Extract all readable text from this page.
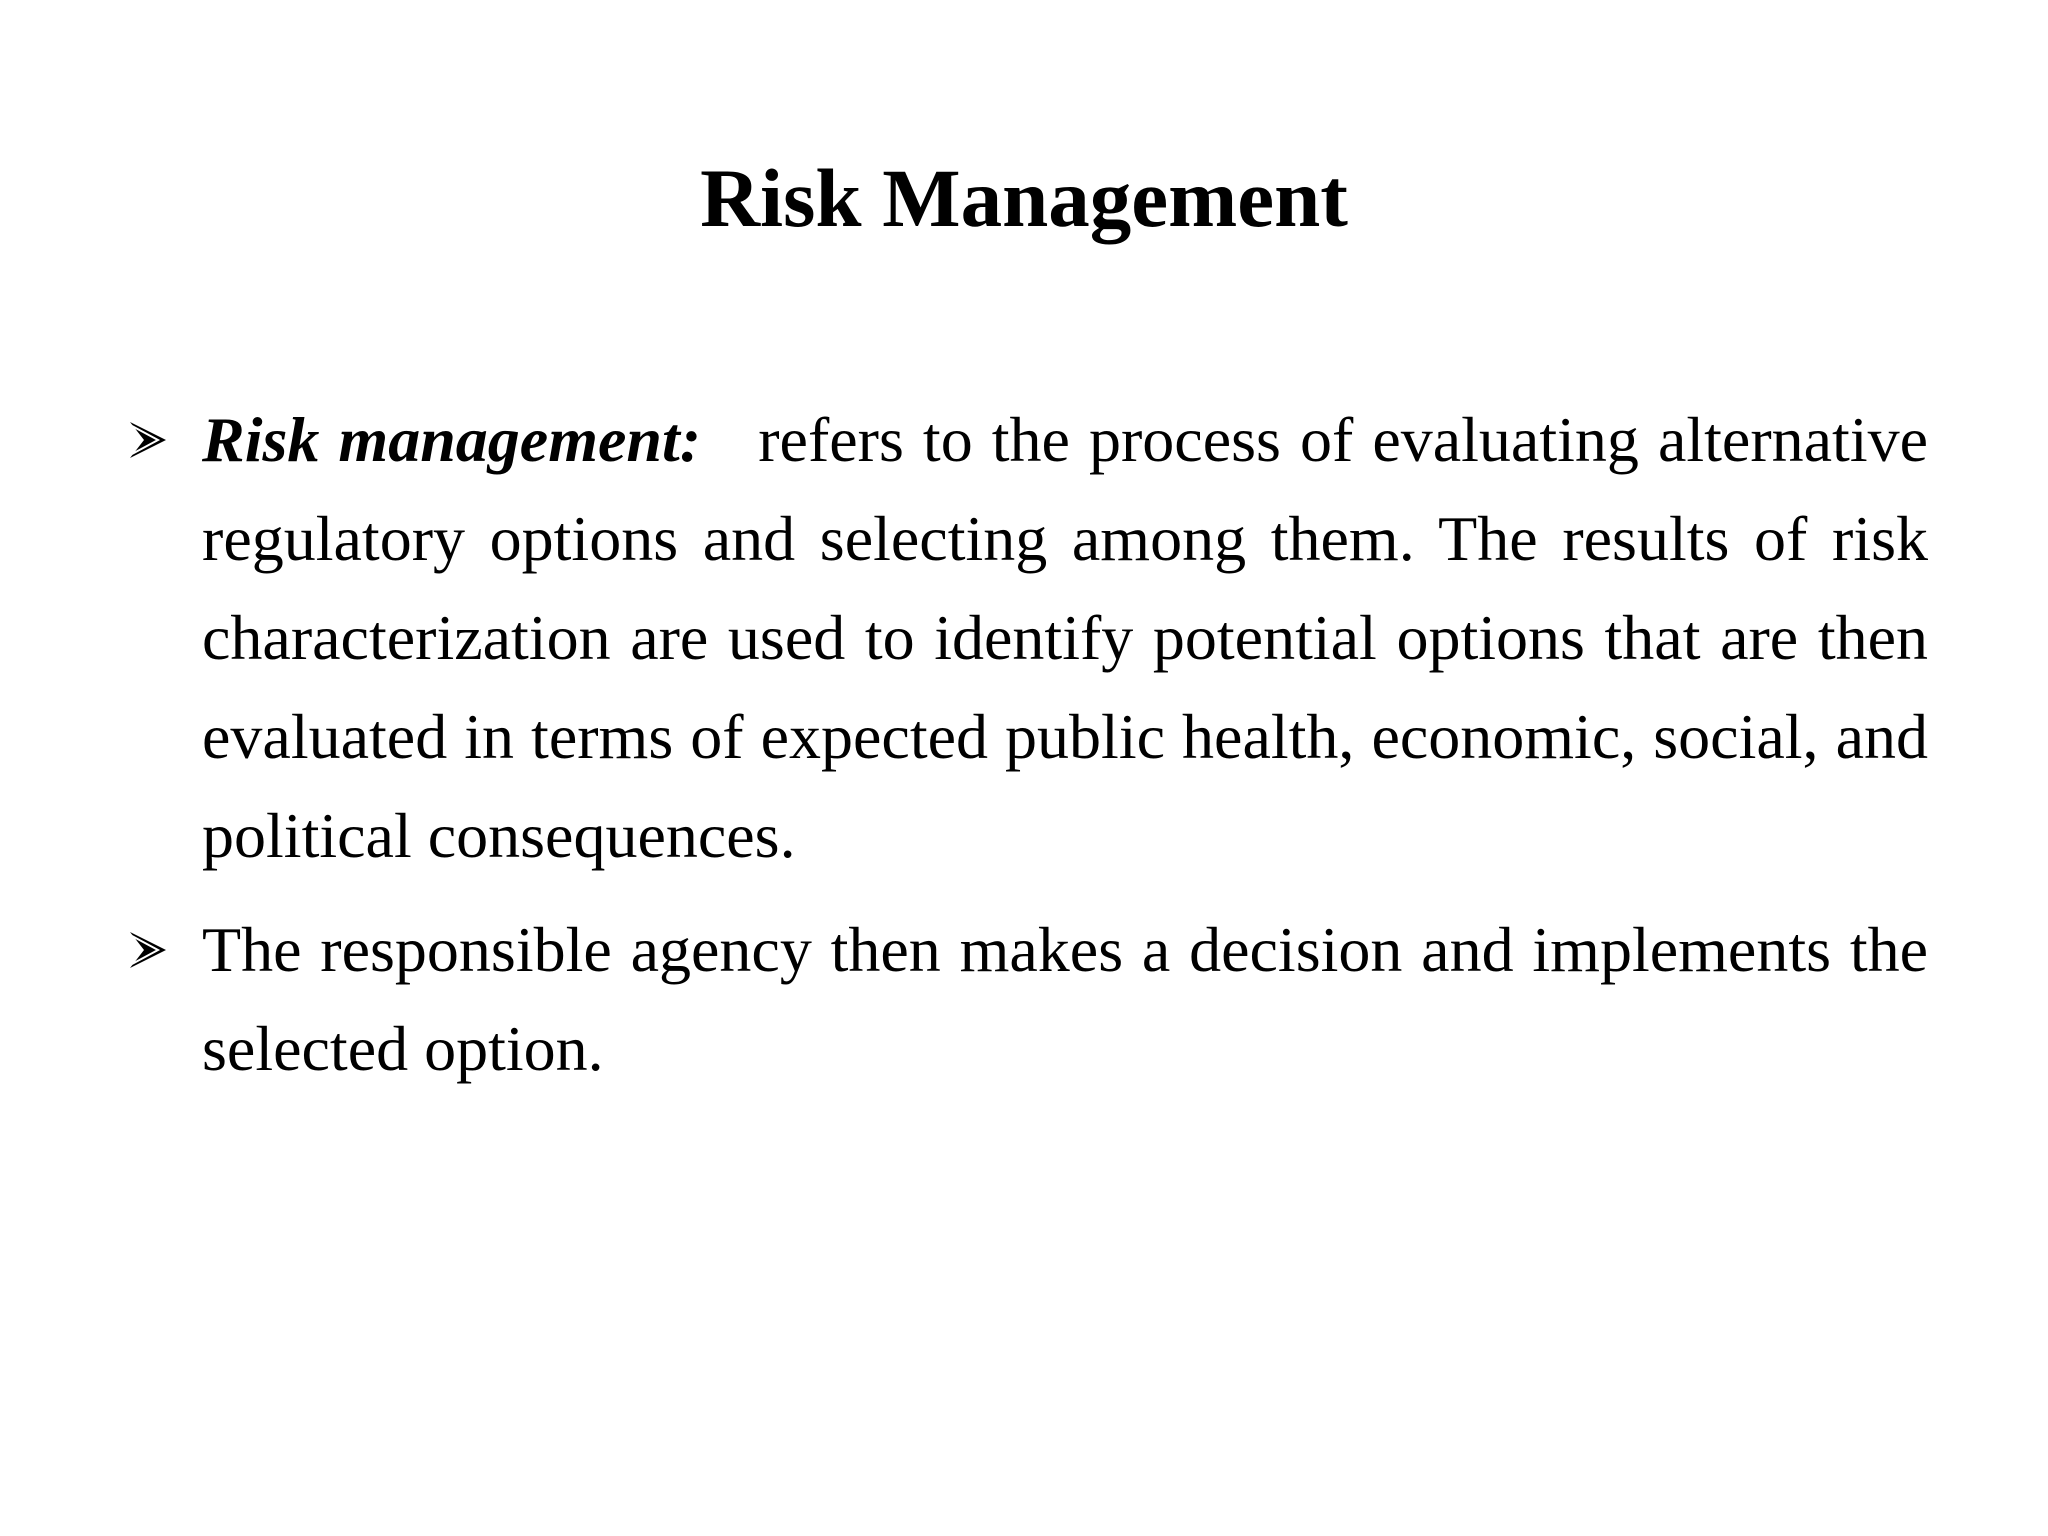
Risk Management

Risk management: refers to the process of evaluating alternative regulatory options and selecting among them. The results of risk characterization are used to identify potential options that are then evaluated in terms of expected public health, economic, social, and political consequences.

The responsible agency then makes a decision and implements the selected option.
